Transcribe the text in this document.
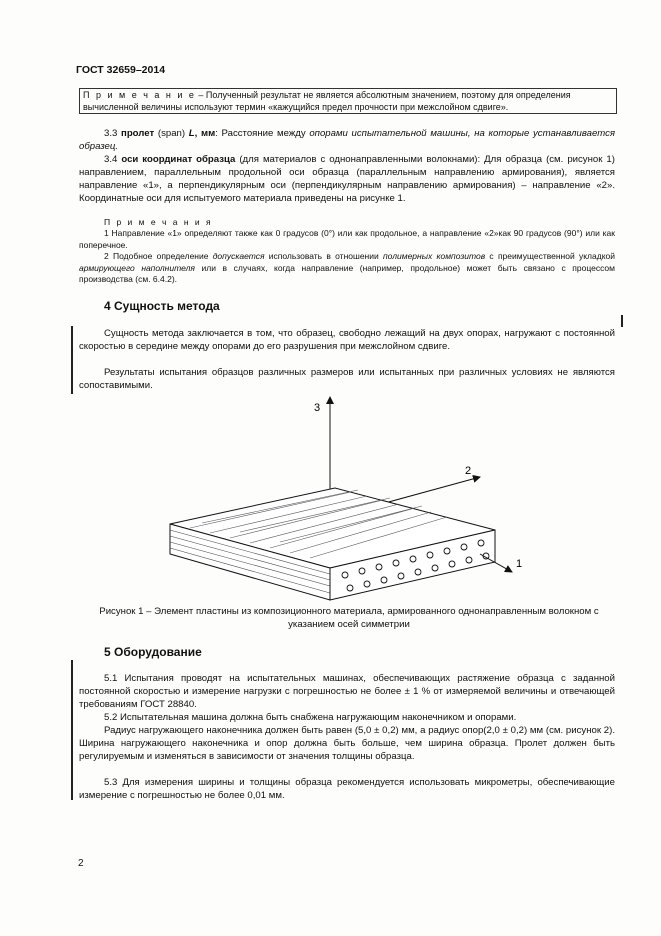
ГОСТ 32659–2014
П р и м е ч а н и е – Полученный результат не является абсолютным значением, поэтому для определения
вычисленной величины используют термин «кажущийся предел прочности при межслойном сдвиге».
3.3 пролет (span) L, мм: Расстояние между опорами испытательной машины, на которые устанавливается образец.
3.4 оси координат образца (для материалов с однонаправленными волокнами): Для образца (см. рисунок 1) направлением, параллельным продольной оси образца (параллельным направлению армирования), является направление «1», а перпендикулярным оси (перпендикулярным направлению армирования) – направление «2». Координатные оси для испытуемого материала приведены на рисунке 1.
П р и м е ч а н и я
1 Направление «1» определяют также как 0 градусов (0°) или как продольное, а направление «2»как 90 градусов (90°) или как поперечное.
2 Подобное определение допускается использовать в отношении полимерных композитов с преимущественной укладкой армирующего наполнителя или в случаях, когда направление (например, продольное) может быть связано с процессом производства (см. 6.4.2).
4 Сущность метода
Сущность метода заключается в том, что образец, свободно лежащий на двух опорах, нагружают с постоянной скоростью в середине между опорами до его разрушения при межслойном сдвиге.
Результаты испытания образцов различных размеров или испытанных при различных условиях не являются сопоставимыми.
3
2
1
Рисунок 1 – Элемент пластины из композиционного материала, армированного однонаправленным волокном с указанием осей симметрии
5 Оборудование
5.1 Испытания проводят на испытательных машинах, обеспечивающих растяжение образца с заданной постоянной скоростью и измерение нагрузки с погрешностью не более ± 1 % от измеряемой величины и отвечающей требованиям ГОСТ 28840.
5.2 Испытательная машина должна быть снабжена нагружающим наконечником и опорами.
Радиус нагружающего наконечника должен быть равен (5,0 ± 0,2) мм, а радиус опор(2,0 ± 0,2) мм (см. рисунок 2). Ширина нагружающего наконечника и опор должна быть больше, чем ширина образца. Пролет должен быть регулируемым и изменяться в зависимости от значения толщины образца.
5.3 Для измерения ширины и толщины образца рекомендуется использовать микрометры, обеспечивающие измерение с погрешностью не более 0,01 мм.
2
